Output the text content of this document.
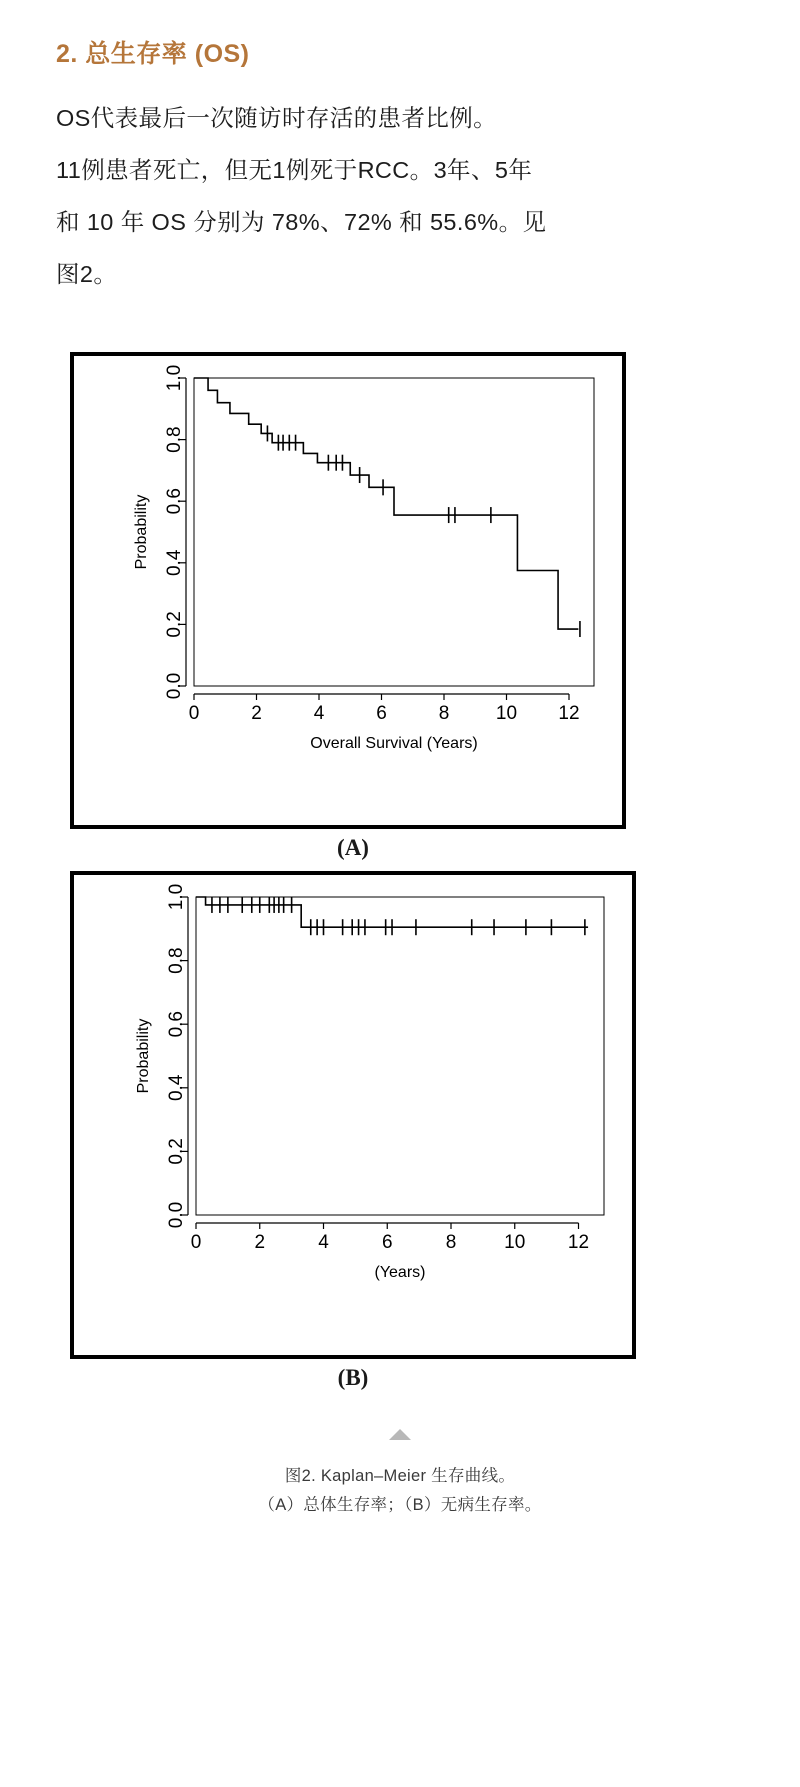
2. 总生存率 (OS)

OS代表最后一次随访时存活的患者比例。

11例患者死亡，但无1例死于RCC。3年、5年

和 10 年 OS 分别为 78%、72% 和 55.6%。见

图2。

0.0
0.2
0.4
0.6
0.8
1.0
0	2	4	6	8 10 12
Overall Survival (Years)
Probability
(A)
0.0
0.2
0.4
0.6
0.8
1.0
0	2	4	6	8	10 12
(Years)
Probability
(B)
图2. Kaplan–Meier 生存曲线。
（A）总体生存率；（B）无病生存率。
